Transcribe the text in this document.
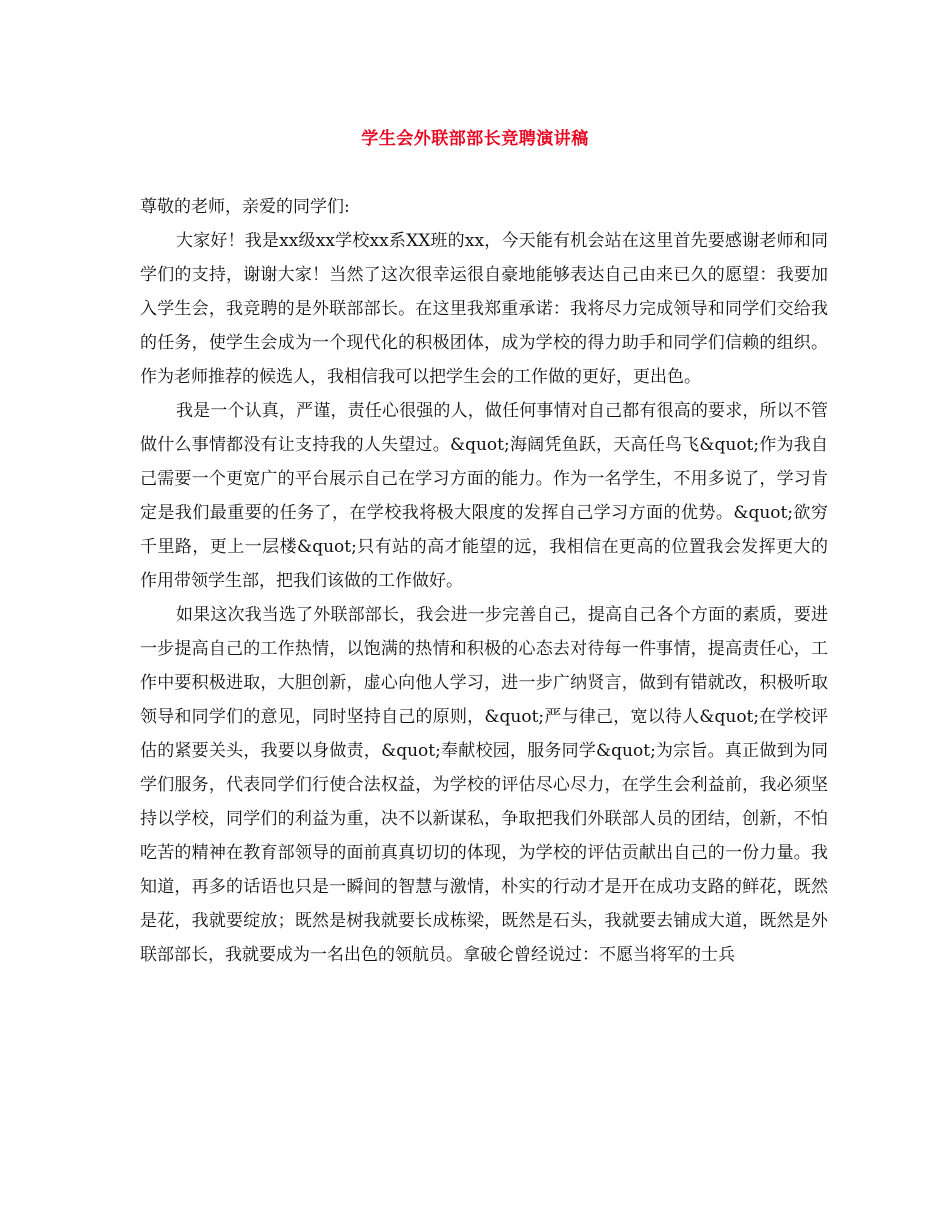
学生会外联部部长竞聘演讲稿

尊敬的老师，亲爱的同学们:

大家好！我是xx级xx学校xx系XX班的xx，今天能有机会站在这里首先要感谢老师和同学们的支持，谢谢大家！当然了这次很幸运很自豪地能够表达自己由来已久的愿望：我要加入学生会，我竞聘的是外联部部长。在这里我郑重承诺：我将尽力完成领导和同学们交给我的任务，使学生会成为一个现代化的积极团体，成为学校的得力助手和同学们信赖的组织。作为老师推荐的候选人，我相信我可以把学生会的工作做的更好，更出色。

我是一个认真，严谨，责任心很强的人，做任何事情对自己都有很高的要求，所以不管做什么事情都没有让支持我的人失望过。&quot;海阔凭鱼跃，天高任鸟飞&quot;作为我自己需要一个更宽广的平台展示自己在学习方面的能力。作为一名学生，不用多说了，学习肯定是我们最重要的任务了，在学校我将极大限度的发挥自己学习方面的优势。&quot;欲穷千里路，更上一层楼&quot;只有站的高才能望的远，我相信在更高的位置我会发挥更大的作用带领学生部，把我们该做的工作做好。

如果这次我当选了外联部部长，我会进一步完善自己，提高自己各个方面的素质，要进一步提高自己的工作热情，以饱满的热情和积极的心态去对待每一件事情，提高责任心，工作中要积极进取，大胆创新，虚心向他人学习，进一步广纳贤言，做到有错就改，积极听取领导和同学们的意见，同时坚持自己的原则，&quot;严与律己，宽以待人&quot;在学校评估的紧要关头，我要以身做责，&quot;奉献校园，服务同学&quot;为宗旨。真正做到为同学们服务，代表同学们行使合法权益，为学校的评估尽心尽力，在学生会利益前，我必须坚持以学校，同学们的利益为重，决不以新谋私，争取把我们外联部人员的团结，创新，不怕吃苦的精神在教育部领导的面前真真切切的体现，为学校的评估贡献出自己的一份力量。我知道，再多的话语也只是一瞬间的智慧与激情，朴实的行动才是开在成功支路的鲜花，既然是花，我就要绽放；既然是树我就要长成栋梁，既然是石头，我就要去铺成大道，既然是外联部部长，我就要成为一名出色的领航员。拿破仑曾经说过：不愿当将军的士兵
